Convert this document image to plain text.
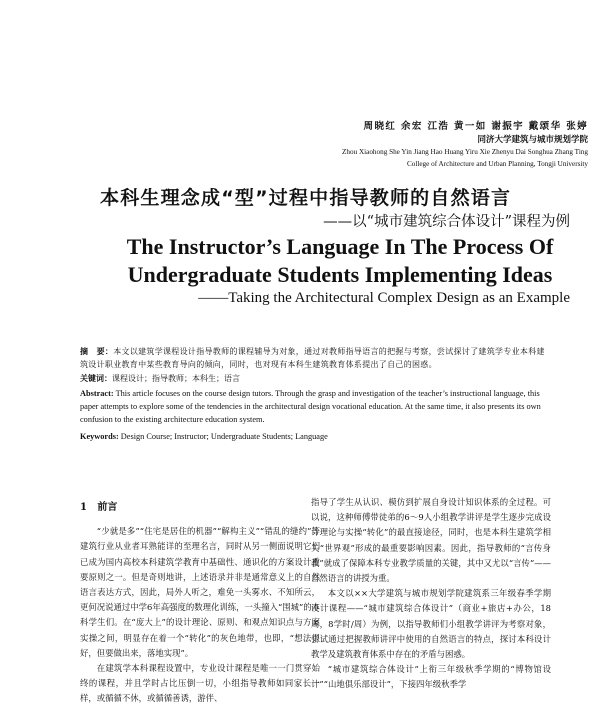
周晓红 余宏 江浩 黄一如 谢振宇 戴颂华 张婷
同济大学建筑与城市规划学院
Zhou Xiaohong She Yin Jiang Hao Huang Yiru Xie Zhenyu Dai Songhua Zhang Ting
College of Architecture and Urban Planning, Tongji University
本科生理念成“型”过程中指导教师的自然语言
——以“城市建筑综合体设计”课程为例
The Instructor’s Language In The Process Of
Undergraduate Students Implementing Ideas
——Taking the Architectural Complex Design as an Example
摘　要：本文以建筑学课程设计指导教师的课程辅导为对象，通过对教师指导语言的把握与考察，尝试探讨了建筑学专业本科建筑设计职业教育中某些教育导向的倾向，同时，也对现有本科生建筑教育体系提出了自己的困惑。
关键词：课程设计；指导教师；本科生；语言
Abstract: This article focuses on the course design tutors. Through the grasp and investigation of the teacher’s instructional language, this paper attempts to explore some of the tendencies in the architectural design vocational education. At the same time, it also presents its own confusion to the existing architecture education system.
Keywords: Design Course; Instructor; Undergraduate Students; Language
1 前言

“少就是多”“住宅是居住的机器”“解构主义”“错乱的缝约”等建筑行业从业者耳熟能详的至理名言，同时从另一侧面说明它们已成为国内高校本科建筑学教育中基础性、通识化的方案设计重要原则之一。但是奇则地讲，上述语录并非是通常意义上的自然语言表达方式，因此，局外人听之，难免一头雾水、不知所云，更何况说通过中学6年高强度的数理化训练，一头撞入“围城”的本科学生们。在“庞大上”的设计理论、原则、和观点知识点与方案实操之间，明显存在着一个“转化”的灰色地带，也即，“想法很好，但要做出来，落地实现”。

在建筑学本科课程设置中，专业设计课程是唯一一门贯穿始终的课程，并且学时占比压倒一切，小组指导教师如同家长一样，或循循不休，或循循善诱，游伴、

指导了学生从认识、模仿到扩展自身设计知识体系的全过程。可以说，这种师傅带徒弟的6～9人小组教学讲评是学生逐步完成设计理论与实操“转化”的最直接途径，同时，也是本科生建筑学相关“世界观”形成的最重要影响因素。因此，指导教师的“言传身教”就成了保障本科专业教学质量的关键，其中又尤以“言传”——自然语言的讲授为重。

本文以××大学建筑与城市规划学院建筑系三年级春季学期设计课程——“城市建筑综合体设计”（商业+旅店+办公，18周，8学时/周）为例，以指导教师们小组教学讲评为考察对象，尝试通过把握教师讲评中使用的自然语言的特点，探讨本科设计教学及建筑教育体系中存在的矛盾与困惑。

“城市建筑综合体设计”上衔三年级秋季学期的“博物馆设计”“山地俱乐部设计”，下接四年级秋季学
